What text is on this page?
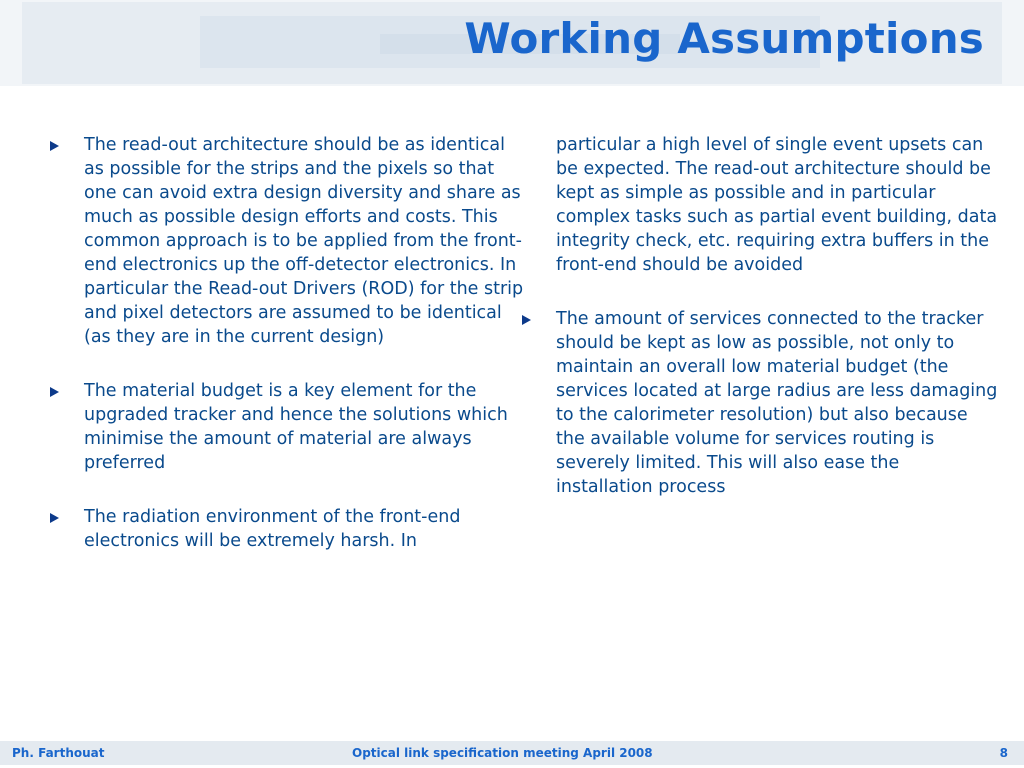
Working Assumptions
The read-out architecture should be as identical as possible for the strips and the pixels so that one can avoid extra design diversity and share as much as possible design efforts and costs. This common approach is to be applied from the front-end electronics up the off-detector electronics. In particular the Read-out Drivers (ROD) for the strip and pixel detectors are assumed to be identical (as they are in the current design)
The material budget is a key element for the upgraded tracker and hence the solutions which minimise the amount of material are always preferred
The radiation environment of the front-end electronics will be extremely harsh. In
particular a high level of single event upsets can be expected. The read-out architecture should be kept as simple as possible and in particular complex tasks such as partial event building, data integrity check, etc. requiring extra buffers in the front-end should be avoided
The amount of services connected to the tracker should be kept as low as possible, not only to maintain an overall low material budget (the services located at large radius are less damaging to the calorimeter resolution) but also because the available volume for services routing is severely limited. This will also ease the installation process
Ph. Farthouat	Optical link specification meeting April 2008	8
